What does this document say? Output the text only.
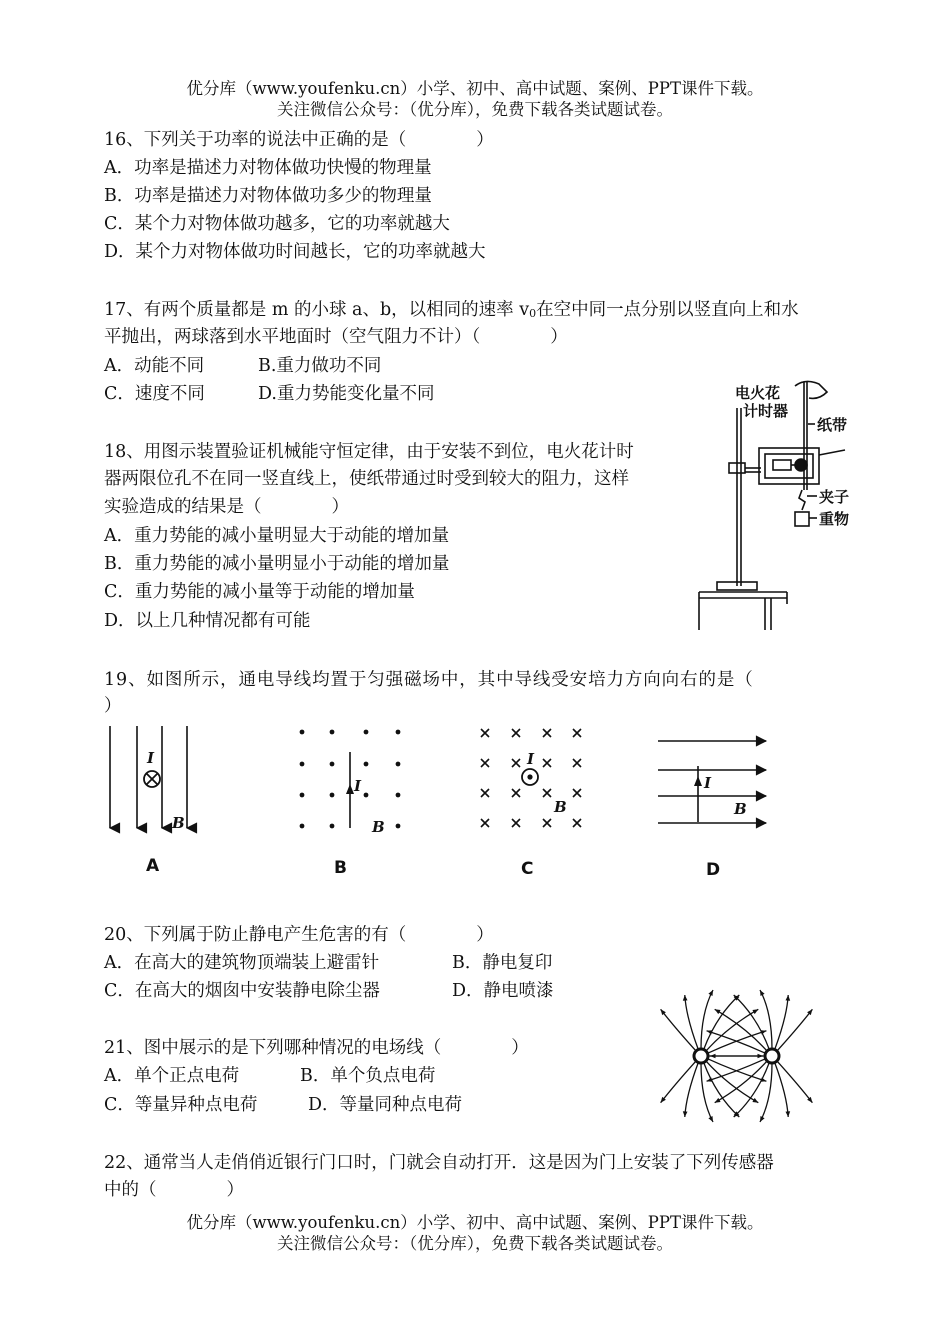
优分库（www.youfenku.cn）小学、初中、高中试题、案例、PPT课件下载。
关注微信公众号：（优分库），免费下载各类试题试卷。
16、下列关于功率的说法中正确的是（　　　　）
A．功率是描述力对物体做功快慢的物理量
B．功率是描述力对物体做功多少的物理量
C．某个力对物体做功越多，它的功率就越大
D．某个力对物体做功时间越长，它的功率就越大
17、有两个质量都是 m 的小球 a、b，以相同的速率 v0在空中同一点分别以竖直向上和水
平抛出，两球落到水平地面时（空气阻力不计）（　　　　）
A．动能不同	B.重力做功不同
C．速度不同	D.重力势能变化量不同
18、用图示装置验证机械能守恒定律，由于安装不到位，电火花计时
器两限位孔不在同一竖直线上，使纸带通过时受到较大的阻力，这样
实验造成的结果是（　　　　）
A．重力势能的减小量明显大于动能的增加量
B．重力势能的减小量明显小于动能的增加量
C．重力势能的减小量等于动能的增加量
D．以上几种情况都有可能
电火花
计时器
纸带
夹子
重物
19、如图所示，通电导线均置于匀强磁场中，其中导线受安培力方向向右的是（
）
I
B
A
I
B
B
I
B
C
I
B
D
20、下列属于防止静电产生危害的有（　　　　）
A．在高大的建筑物顶端装上避雷针	B．静电复印
C．在高大的烟囱中安装静电除尘器	D．静电喷漆
21、图中展示的是下列哪种情况的电场线（　　　　）
A．单个正点电荷	B．单个负点电荷
C．等量异种点电荷	D．等量同种点电荷
22、通常当人走俏俏近银行门口时，门就会自动打开．这是因为门上安装了下列传感器
中的（　　　　）
优分库（www.youfenku.cn）小学、初中、高中试题、案例、PPT课件下载。
关注微信公众号：（优分库），免费下载各类试题试卷。
